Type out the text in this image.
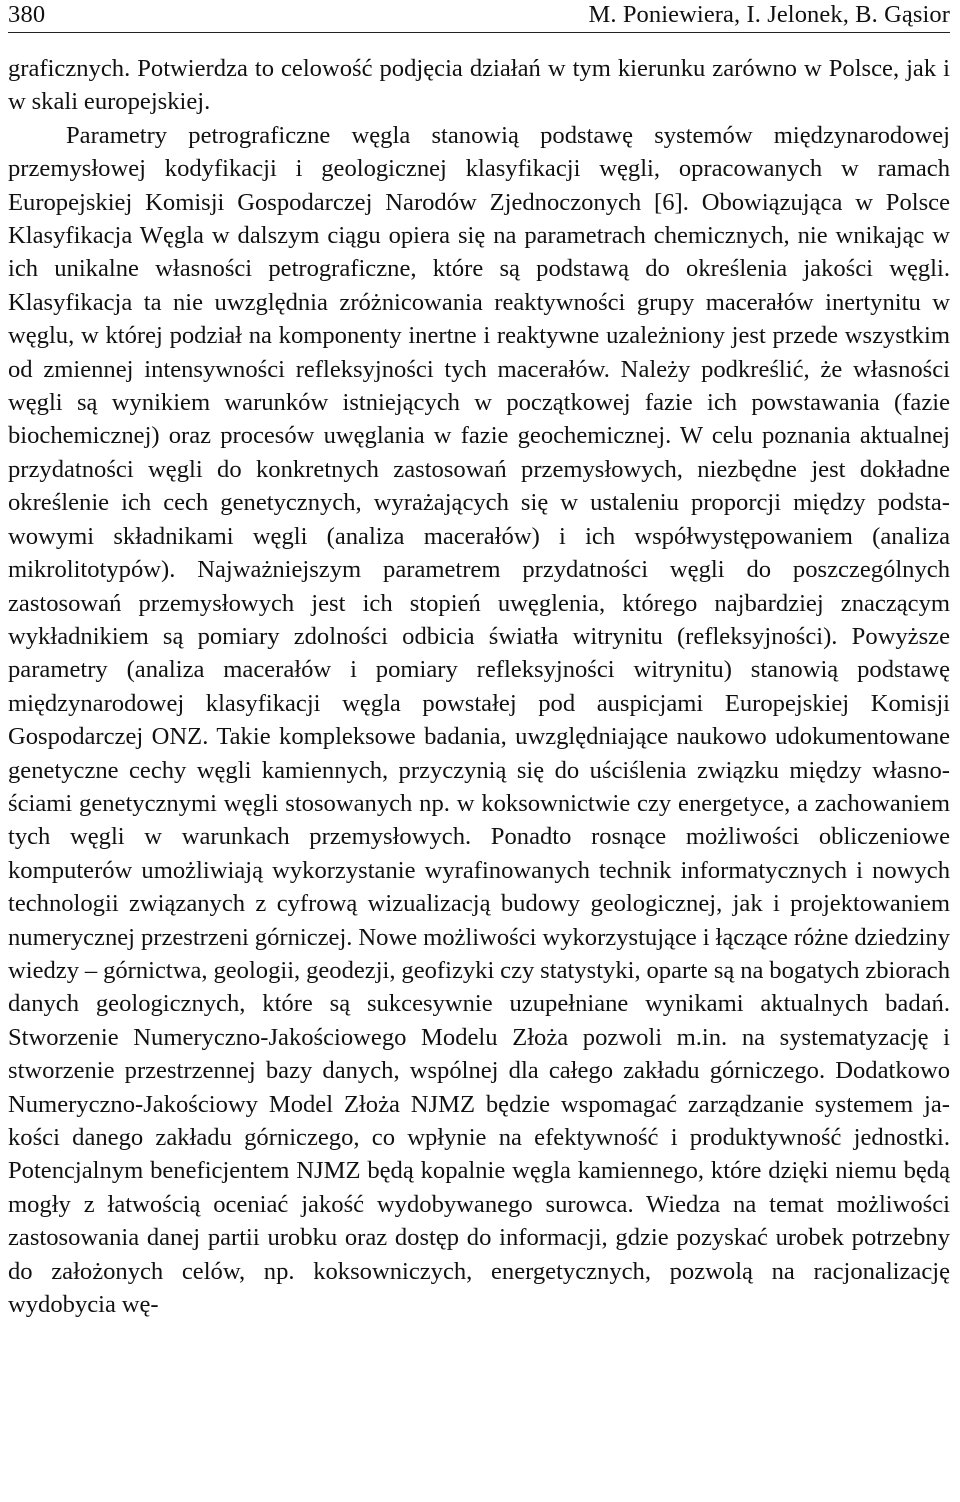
380	M. Poniewiera, I. Jelonek, B. Gąsior

graficznych. Potwierdza to celowość podjęcia działań w tym kierunku zarówno w Polsce, jak i w skali europejskiej.

Parametry petrograficzne węgla stanowią podstawę systemów międzynarodowej przemysłowej kodyfikacji i geologicznej klasyfikacji węgli, opracowanych w ramach Europejskiej Komisji Gospodarczej Narodów Zjednoczonych [6]. Obowiązująca w Polsce Klasyfikacja Węgla w dalszym ciągu opiera się na parametrach chemicznych, nie wnikając w ich unikalne własności petrograficzne, które są podstawą do określenia jakości węgli. Klasyfikacja ta nie uwzględnia zróżnicowania reaktywności grupy macerałów inertynitu w węglu, w której podział na komponenty inertne i reaktywne uzależniony jest przede wszystkim od zmiennej intensywności refleksyjności tych macerałów. Należy podkreślić, że własności węgli są wynikiem warunków istniejących w początkowej fazie ich powstawania (fazie biochemicznej) oraz procesów uwęglania w fazie geochemicznej. W celu poznania aktualnej przydatności węgli do konkretnych zastosowań przemysłowych, niezbędne jest dokładne określenie ich cech genetycznych, wyrażających się w ustaleniu proporcji między podstawowymi składnikami węgli (analiza macerałów) i ich współwystępowaniem (analiza mikrolitotypów). Najważniejszym parametrem przydatności węgli do poszczególnych zastosowań przemysłowych jest ich stopień uwęglenia, którego najbardziej znaczącym wykładnikiem są pomiary zdolności odbicia światła witrynitu (refleksyjności). Powyższe parametry (analiza macerałów i pomiary refleksyjności witrynitu) stanowią podstawę międzynarodowej klasyfikacji węgla powstałej pod auspicjami Europejskiej Komisji Gospodarczej ONZ. Takie kompleksowe badania, uwzględniające naukowo udokumentowane genetyczne cechy węgli kamiennych, przyczynią się do uściślenia związku między własnościami genetycznymi węgli stosowanych np. w koksownictwie czy energetyce, a zachowaniem tych węgli w warunkach przemysłowych. Ponadto rosnące możliwości obliczeniowe komputerów umożliwiają wykorzystanie wyrafinowanych technik informatycznych i nowych technologii związanych z cyfrową wizualizacją budowy geologicznej, jak i projektowaniem numerycznej przestrzeni górniczej. Nowe możliwości wykorzystujące i łączące różne dziedziny wiedzy – górnictwa, geologii, geodezji, geofizyki czy statystyki, oparte są na bogatych zbiorach danych geologicznych, które są sukcesywnie uzupełniane wynikami aktualnych badań. Stworzenie Numeryczno-Jakościowego Modelu Złoża pozwoli m.in. na systematyzację i stworzenie przestrzennej bazy danych, wspólnej dla całego zakładu górniczego. Dodatkowo Numeryczno-Jakościowy Model Złoża NJMZ będzie wspomagać zarządzanie systemem jakości danego zakładu górniczego, co wpłynie na efektywność i produktywność jednostki. Potencjalnym beneficjentem NJMZ będą kopalnie węgla kamiennego, które dzięki niemu będą mogły z łatwością oceniać jakość wydobywanego surowca. Wiedza na temat możliwości zastosowania danej partii urobku oraz dostęp do informacji, gdzie pozyskać urobek potrzebny do założonych celów, np. koksowniczych, energetycznych, pozwolą na racjonalizację wydobycia wę-
